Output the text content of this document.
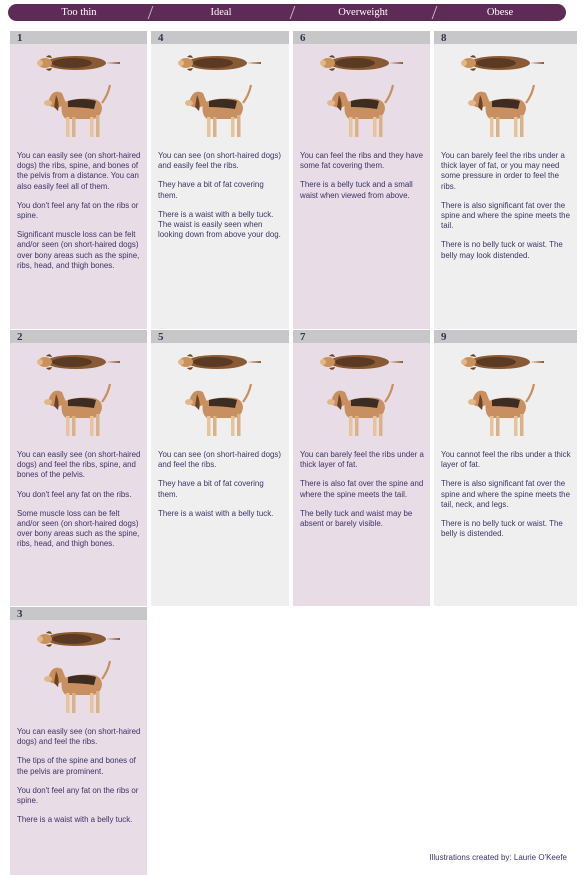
Too thin	Ideal	Overweight	Obese
1

You can easily see (on short-haired dogs) the ribs, spine, and bones of the pelvis from a distance. You can also easily feel all of them.

You don't feel any fat on the ribs or spine.

Significant muscle loss can be felt and/or seen (on short-haired dogs) over bony areas such as the spine, ribs, head, and thigh bones.

4

You can see (on short-haired dogs) and easily feel the ribs.

They have a bit of fat covering them.

There is a waist with a belly tuck. The waist is easily seen when looking down from above your dog.

6

You can feel the ribs and they have some fat covering them.

There is a belly tuck and a small waist when viewed from above.

8

You can barely feel the ribs under a thick layer of fat, or you may need some pressure in order to feel the ribs.

There is also significant fat over the spine and where the spine meets the tail.

There is no belly tuck or waist. The belly may look distended.

2

You can easily see (on short-haired dogs) and feel the ribs, spine, and bones of the pelvis.

You don't feel any fat on the ribs.

Some muscle loss can be felt and/or seen (on short-haired dogs) over bony areas such as the spine, ribs, head, and thigh bones.

5

You can see (on short-haired dogs) and feel the ribs.

They have a bit of fat covering them.

There is a waist with a belly tuck.

7

You can barely feel the ribs under a thick layer of fat.

There is also fat over the spine and where the spine meets the tail.

The belly tuck and waist may be absent or barely visible.

9

You cannot feel the ribs under a thick layer of fat.

There is also significant fat over the spine and where the spine meets the tail, neck, and legs.

There is no belly tuck or waist. The belly is distended.

3

You can easily see (on short-haired dogs) and feel the ribs.

The tips of the spine and bones of the pelvis are prominent.

You don't feel any fat on the ribs or spine.

There is a waist with a belly tuck.

Illustrations created by: Laurie O'Keefe
